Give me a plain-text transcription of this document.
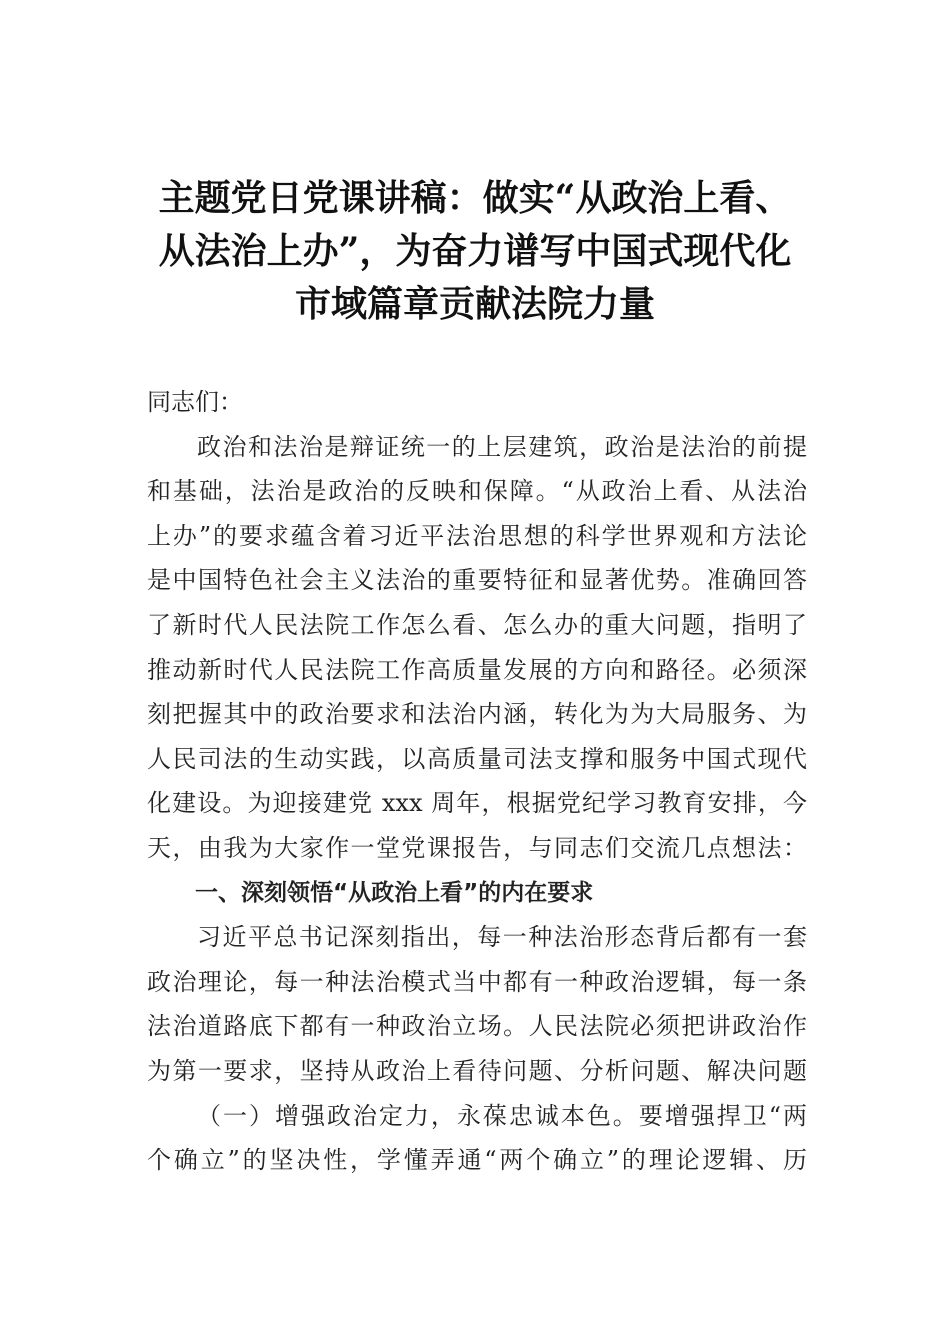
主题党日党课讲稿：做实“从政治上看、
从法治上办”，为奋力谱写中国式现代化
市域篇章贡献法院力量
同志们：
政治和法治是辩证统一的上层建筑，政治是法治的前提
和基础，法治是政治的反映和保障。“从政治上看、从法治
上办”的要求蕴含着习近平法治思想的科学世界观和方法论
是中国特色社会主义法治的重要特征和显著优势。准确回答
了新时代人民法院工作怎么看、怎么办的重大问题，指明了
推动新时代人民法院工作高质量发展的方向和路径。必须深
刻把握其中的政治要求和法治内涵，转化为为大局服务、为
人民司法的生动实践，以高质量司法支撑和服务中国式现代
化建设。为迎接建党 xxx 周年，根据党纪学习教育安排，今
天，由我为大家作一堂党课报告，与同志们交流几点想法：
一、深刻领悟“从政治上看”的内在要求
习近平总书记深刻指出，每一种法治形态背后都有一套
政治理论，每一种法治模式当中都有一种政治逻辑，每一条
法治道路底下都有一种政治立场。人民法院必须把讲政治作
为第一要求，坚持从政治上看待问题、分析问题、解决问题
（一）增强政治定力，永葆忠诚本色。要增强捍卫“两
个确立”的坚决性，学懂弄通“两个确立”的理论逻辑、历
